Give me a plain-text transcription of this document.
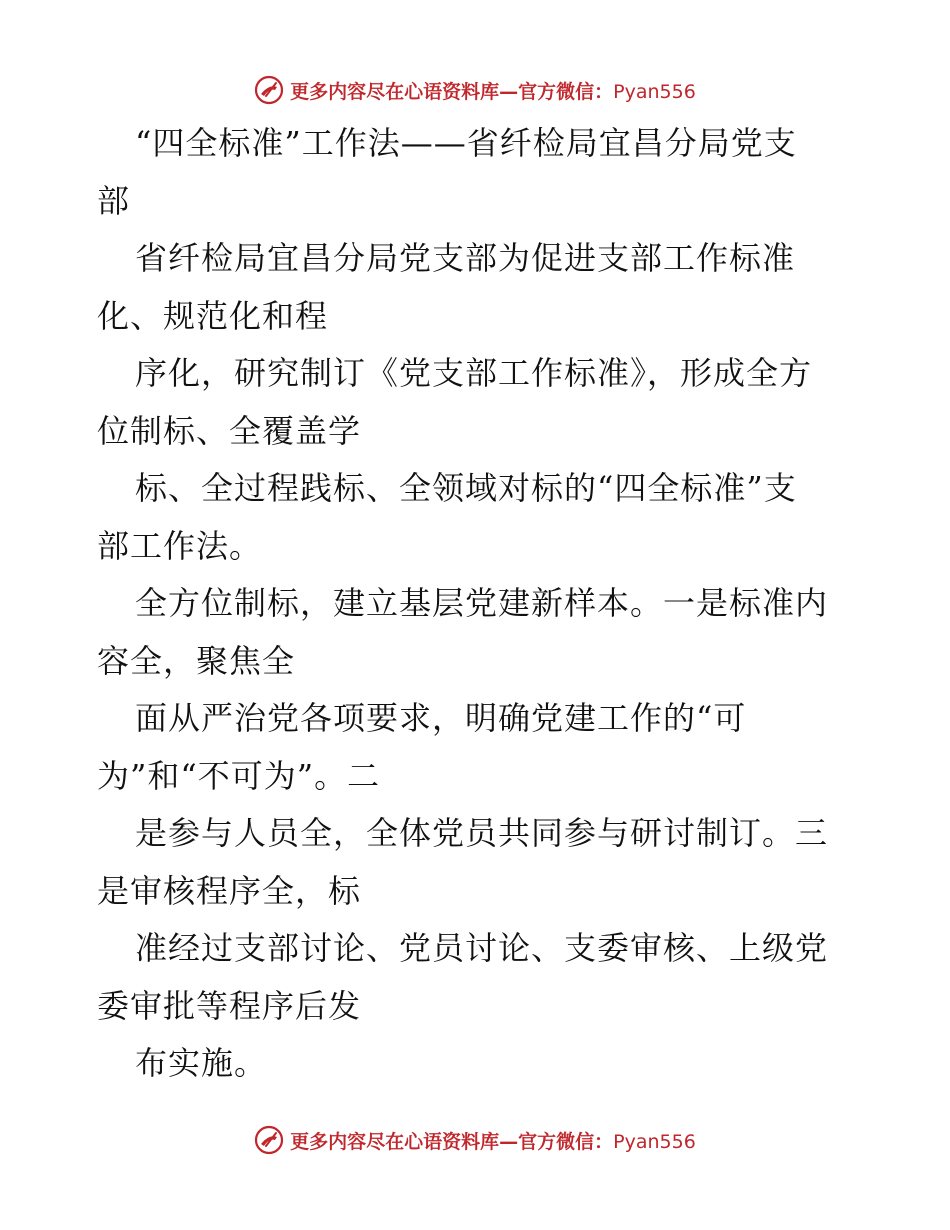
更多内容尽在心语资料库—官方微信：Pyan556
“四全标准”工作法——省纤检局宜昌分局党支
部
省纤检局宜昌分局党支部为促进支部工作标准
化、规范化和程
序化，研究制订《党支部工作标准》，形成全方
位制标、全覆盖学
标、全过程践标、全领域对标的“四全标准”支
部工作法。
全方位制标，建立基层党建新样本。一是标准内
容全，聚焦全
面从严治党各项要求，明确党建工作的“可
为”和“不可为”。二
是参与人员全，全体党员共同参与研讨制订。三
是审核程序全，标
准经过支部讨论、党员讨论、支委审核、上级党
委审批等程序后发
布实施。
更多内容尽在心语资料库—官方微信：Pyan556
